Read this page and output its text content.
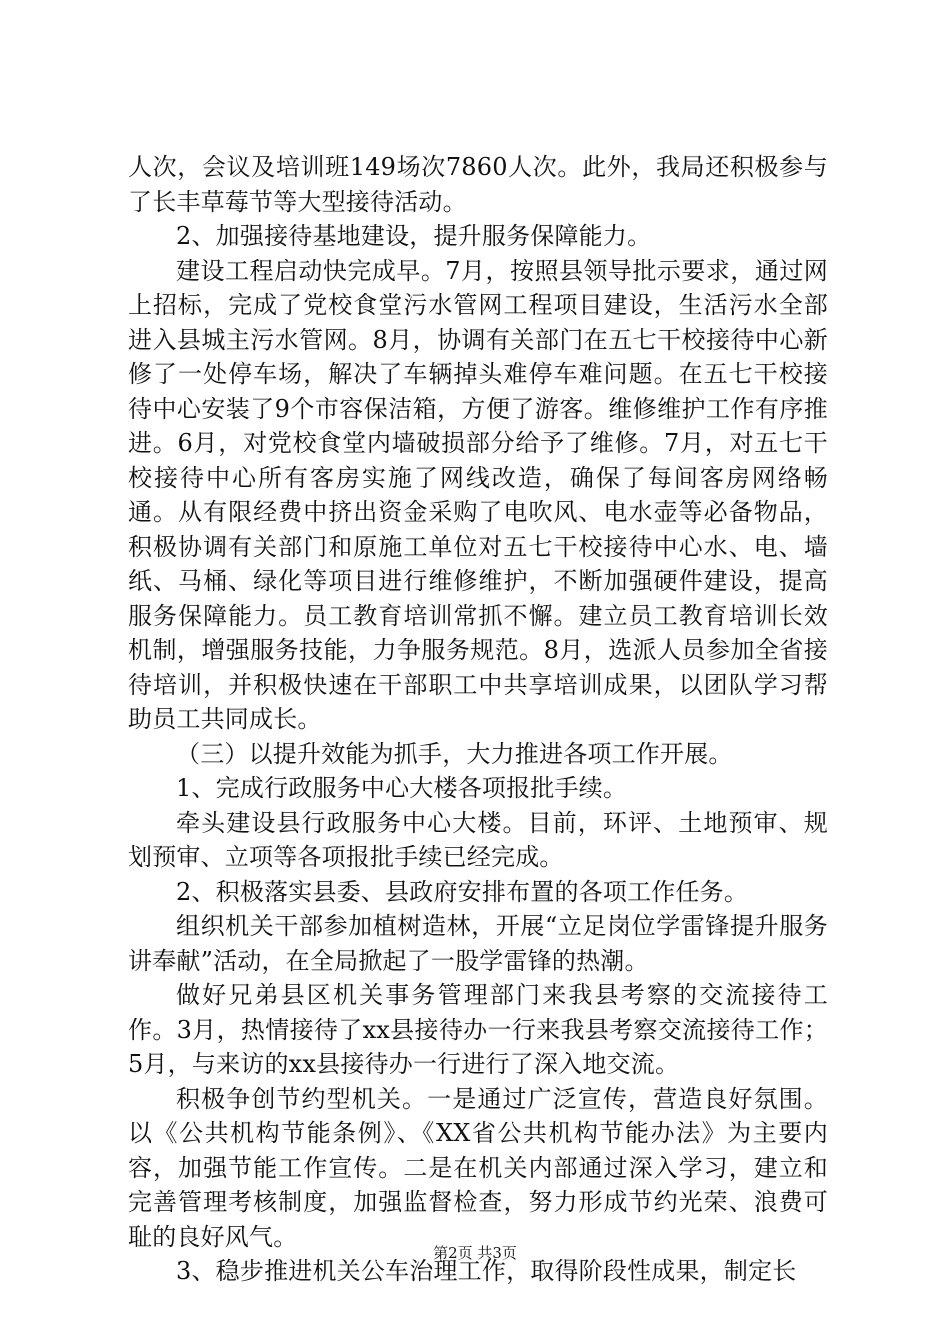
人次，会议及培训班149场次7860人次。此外，我局还积极参与了长丰草莓节等大型接待活动。

2、加强接待基地建设，提升服务保障能力。

建设工程启动快完成早。7月，按照县领导批示要求，通过网上招标，完成了党校食堂污水管网工程项目建设，生活污水全部进入县城主污水管网。8月，协调有关部门在五七干校接待中心新修了一处停车场，解决了车辆掉头难停车难问题。在五七干校接待中心安装了9个市容保洁箱，方便了游客。维修维护工作有序推进。6月，对党校食堂内墙破损部分给予了维修。7月，对五七干校接待中心所有客房实施了网线改造，确保了每间客房网络畅通。从有限经费中挤出资金采购了电吹风、电水壶等必备物品，积极协调有关部门和原施工单位对五七干校接待中心水、电、墙纸、马桶、绿化等项目进行维修维护，不断加强硬件建设，提高服务保障能力。员工教育培训常抓不懈。建立员工教育培训长效机制，增强服务技能，力争服务规范。8月，选派人员参加全省接待培训，并积极快速在干部职工中共享培训成果，以团队学习帮助员工共同成长。

（三）以提升效能为抓手，大力推进各项工作开展。

1、完成行政服务中心大楼各项报批手续。

牵头建设县行政服务中心大楼。目前，环评、土地预审、规划预审、立项等各项报批手续已经完成。

2、积极落实县委、县政府安排布置的各项工作任务。

组织机关干部参加植树造林，开展“立足岗位学雷锋提升服务讲奉献”活动，在全局掀起了一股学雷锋的热潮。

做好兄弟县区机关事务管理部门来我县考察的交流接待工作。3月，热情接待了xx县接待办一行来我县考察交流接待工作；5月，与来访的xx县接待办一行进行了深入地交流。

积极争创节约型机关。一是通过广泛宣传，营造良好氛围。以《公共机构节能条例》、《XX省公共机构节能办法》为主要内容，加强节能工作宣传。二是在机关内部通过深入学习，建立和完善管理考核制度，加强监督检查，努力形成节约光荣、浪费可耻的良好风气。

3、稳步推进机关公车治理工作，取得阶段性成果，制定长

第2页 共3页
